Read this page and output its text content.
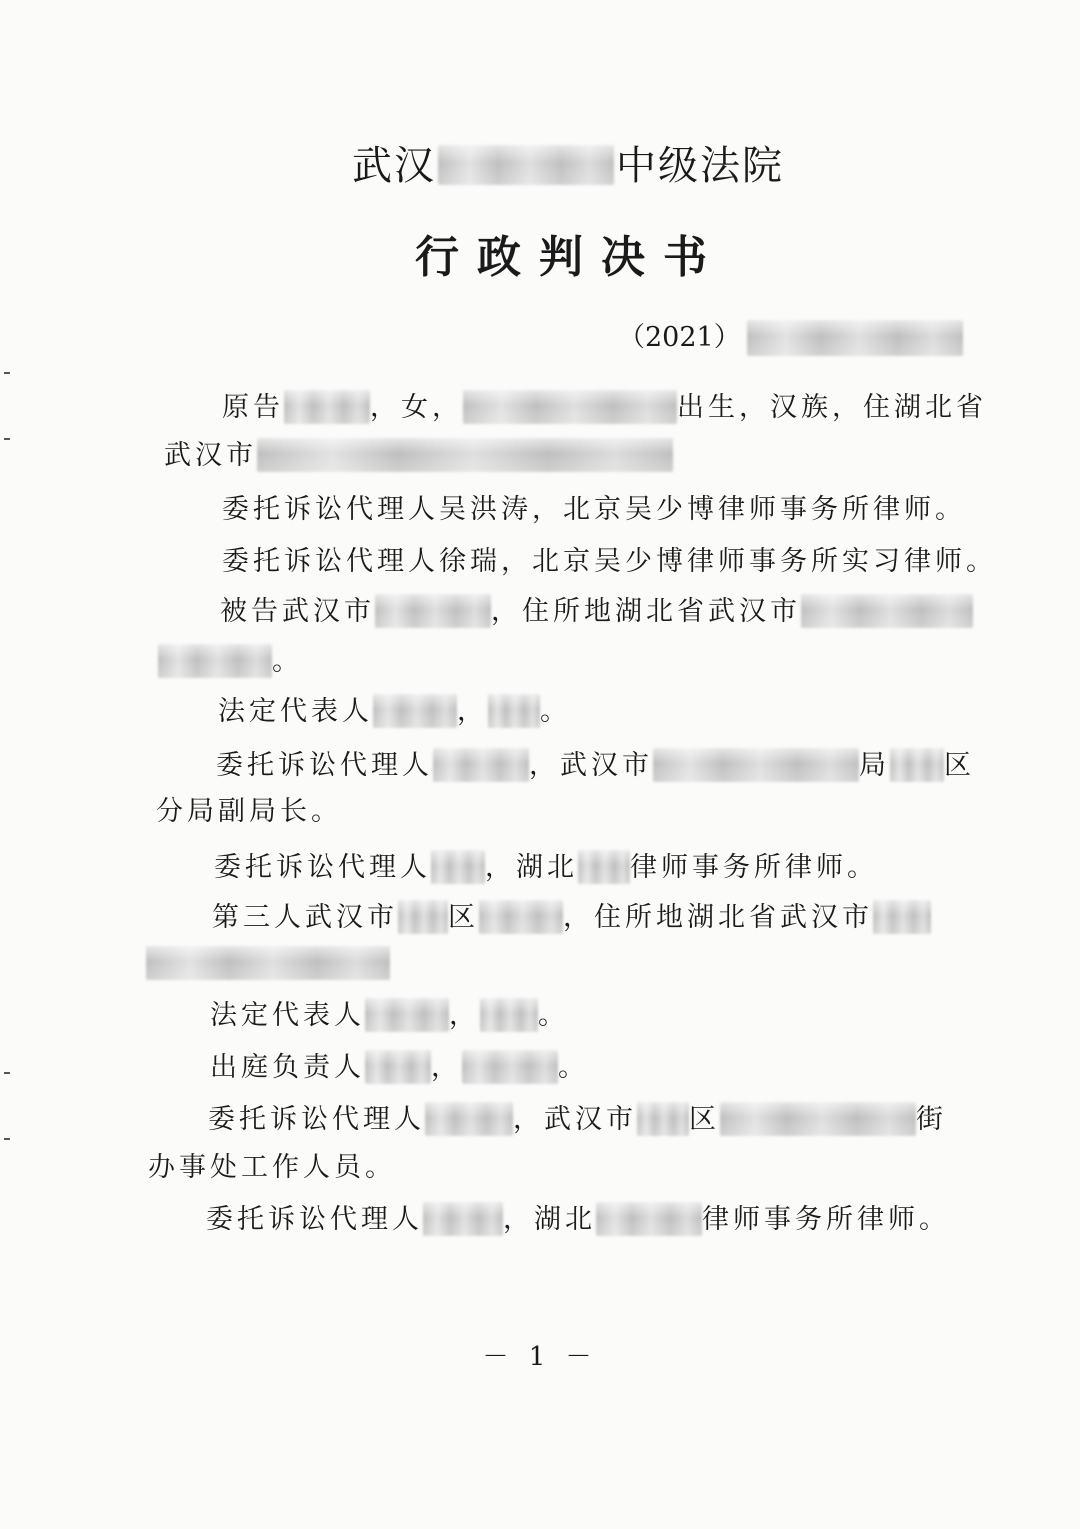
武汉	中级法院
行政判决书
（2021）
原告	，女，	出生，汉族，住湖北省
武汉市
委托诉讼代理人吴洪涛，北京吴少博律师事务所律师。
委托诉讼代理人徐瑞，北京吴少博律师事务所实习律师。
被告武汉市	，住所地湖北省武汉市
。
法定代表人	， 。
委托诉讼代理人	，武汉市	局 区
分局副局长。
委托诉讼代理人 ，湖北 律师事务所律师。
第三人武汉市 区	，住所地湖北省武汉市
法定代表人	， 。
出庭负责人 ，	。
委托诉讼代理人	，武汉市 区	街
办事处工作人员。
委托诉讼代理人	，湖北	律师事务所律师。
－ 1 －
